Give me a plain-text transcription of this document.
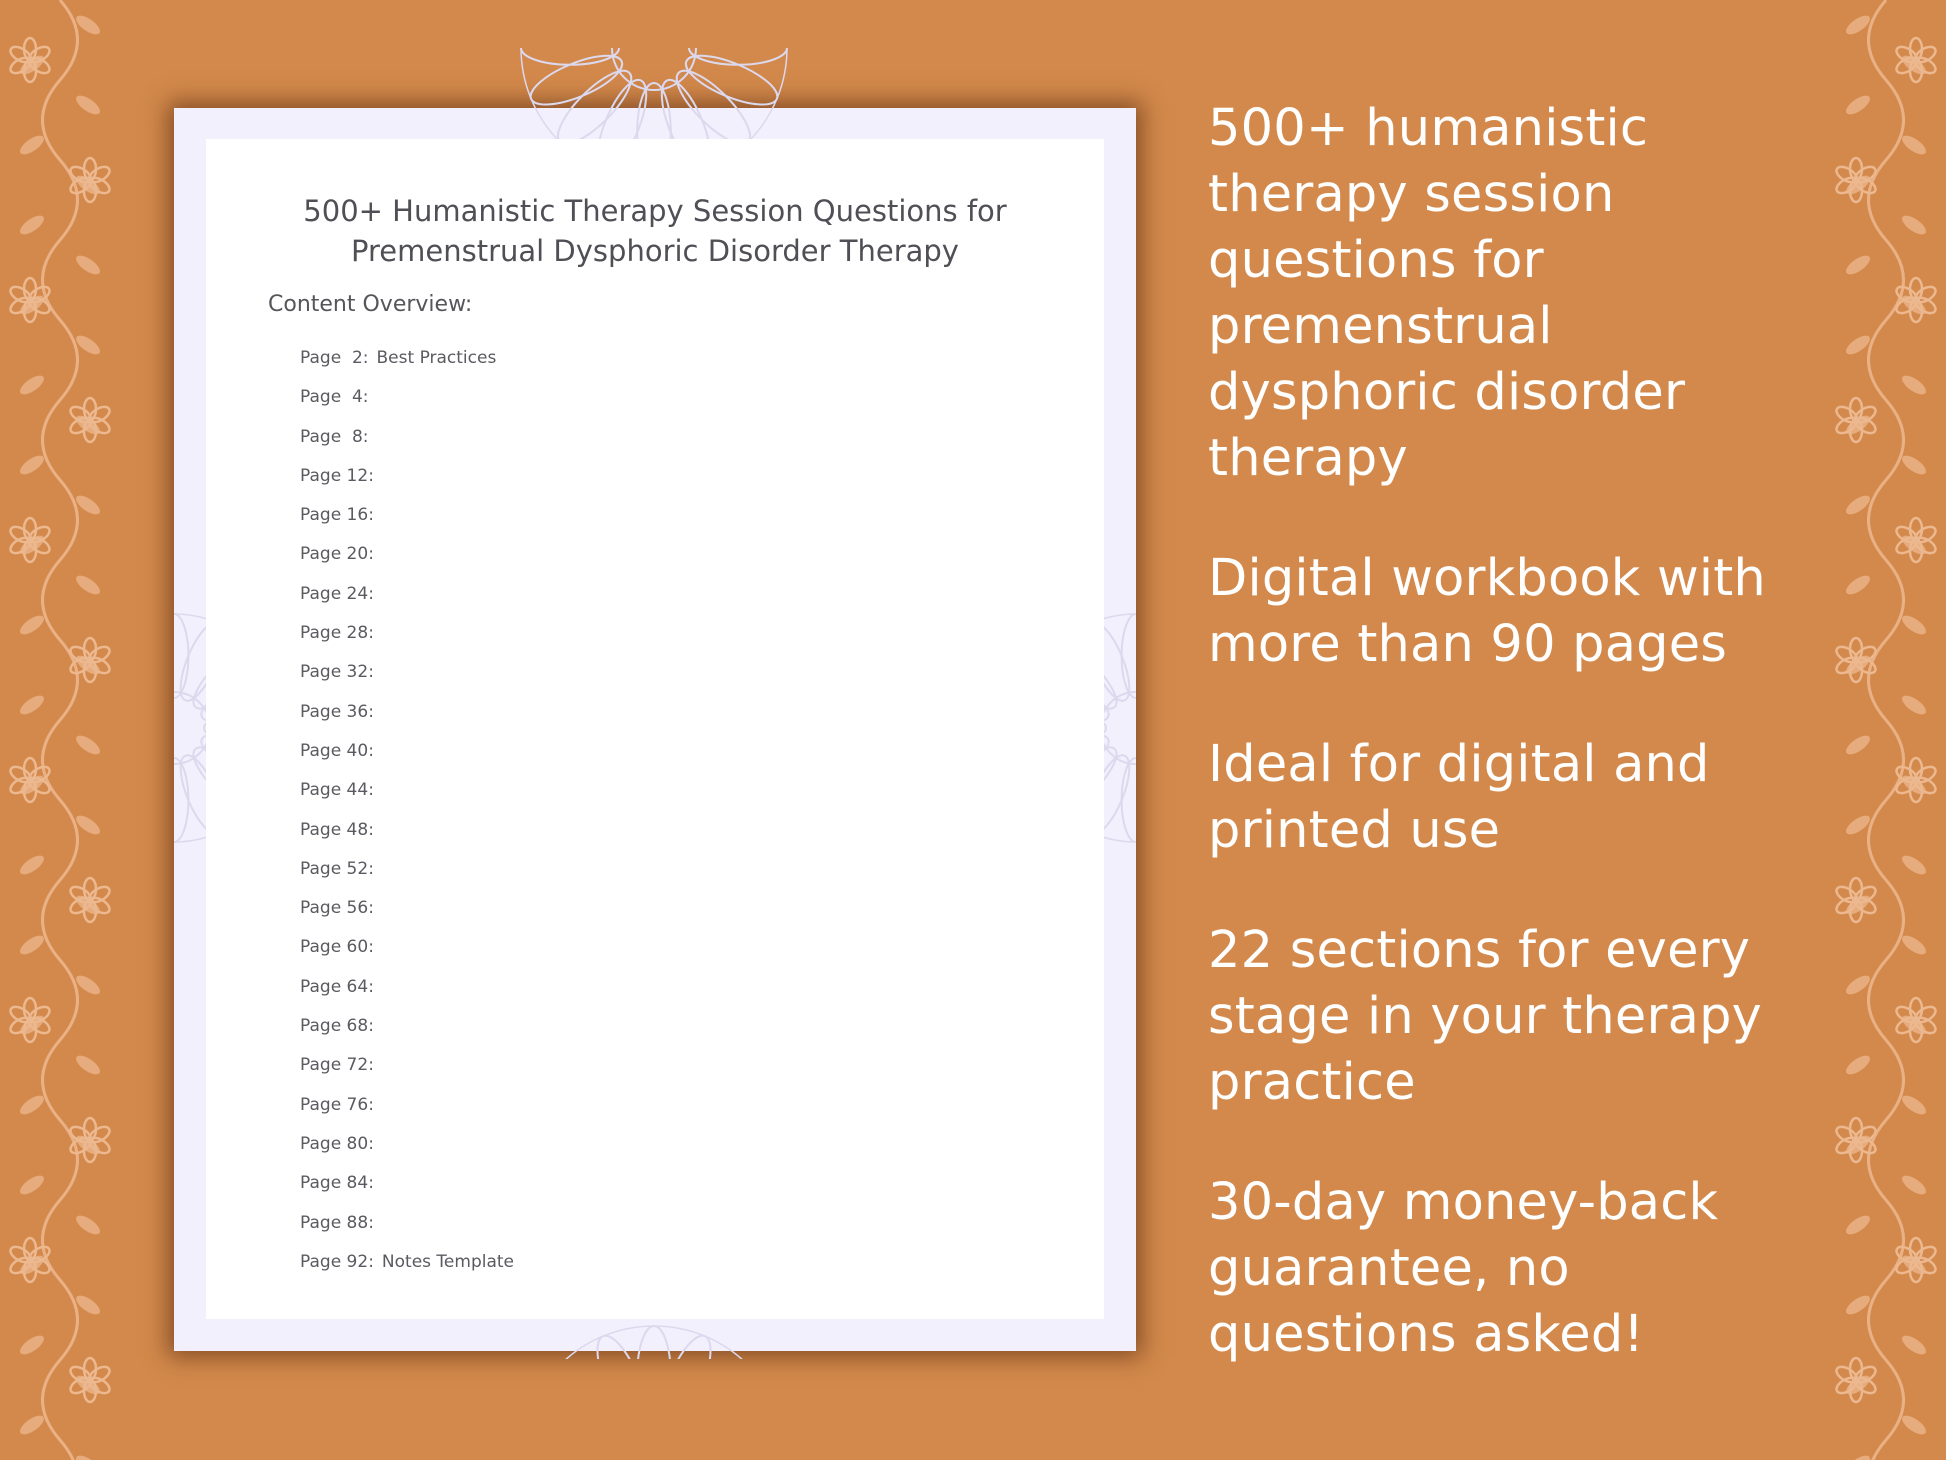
500+ Humanistic Therapy Session Questions for
Premenstrual Dysphoric Disorder Therapy
Content Overview:
Page  2: Best Practices
Page  4:
Page  8:
Page 12:
Page 16:
Page 20:
Page 24:
Page 28:
Page 32:
Page 36:
Page 40:
Page 44:
Page 48:
Page 52:
Page 56:
Page 60:
Page 64:
Page 68:
Page 72:
Page 76:
Page 80:
Page 84:
Page 88:
Page 92: Notes Template
500+ humanistic
therapy session
questions for
premenstrual
dysphoric disorder
therapy
Digital workbook with
more than 90 pages
Ideal for digital and
printed use
22 sections for every
stage in your therapy
practice
30-day money-back
guarantee, no
questions asked!
